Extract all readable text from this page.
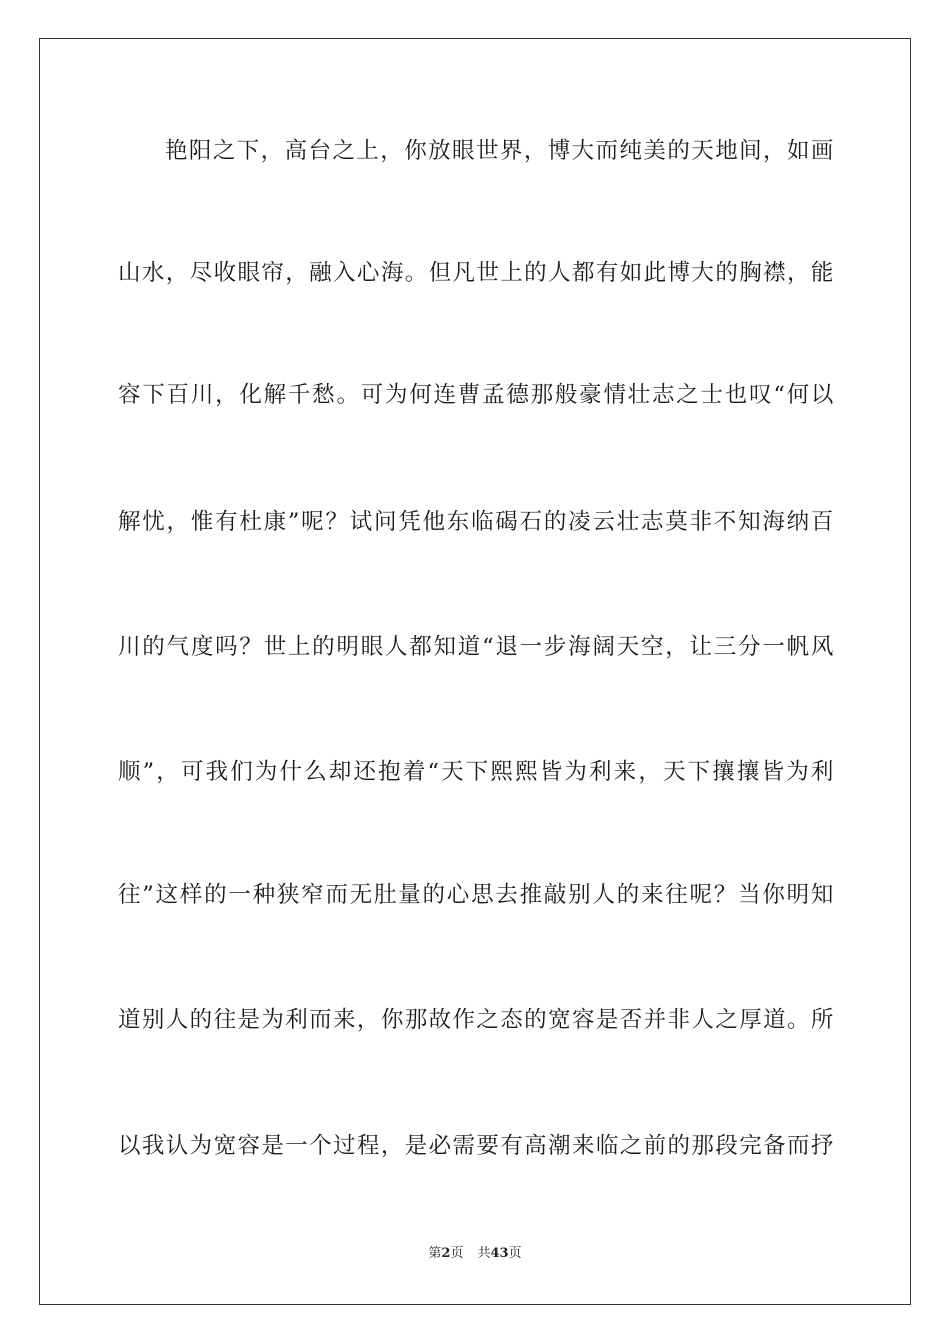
艳阳之下，高台之上，你放眼世界，博大而纯美的天地间，如画
山水，尽收眼帘，融入心海。但凡世上的人都有如此博大的胸襟，能
容下百川，化解千愁。可为何连曹孟德那般豪情壮志之士也叹“何以
解忧，惟有杜康”呢？试问凭他东临碣石的凌云壮志莫非不知海纳百
川的气度吗？世上的明眼人都知道“退一步海阔天空，让三分一帆风
顺”，可我们为什么却还抱着“天下熙熙皆为利来，天下攘攘皆为利
往”这样的一种狭窄而无肚量的心思去推敲别人的来往呢？当你明知
道别人的往是为利而来，你那故作之态的宽容是否并非人之厚道。所
以我认为宽容是一个过程，是必需要有高潮来临之前的那段完备而抒
第2页 共43页
